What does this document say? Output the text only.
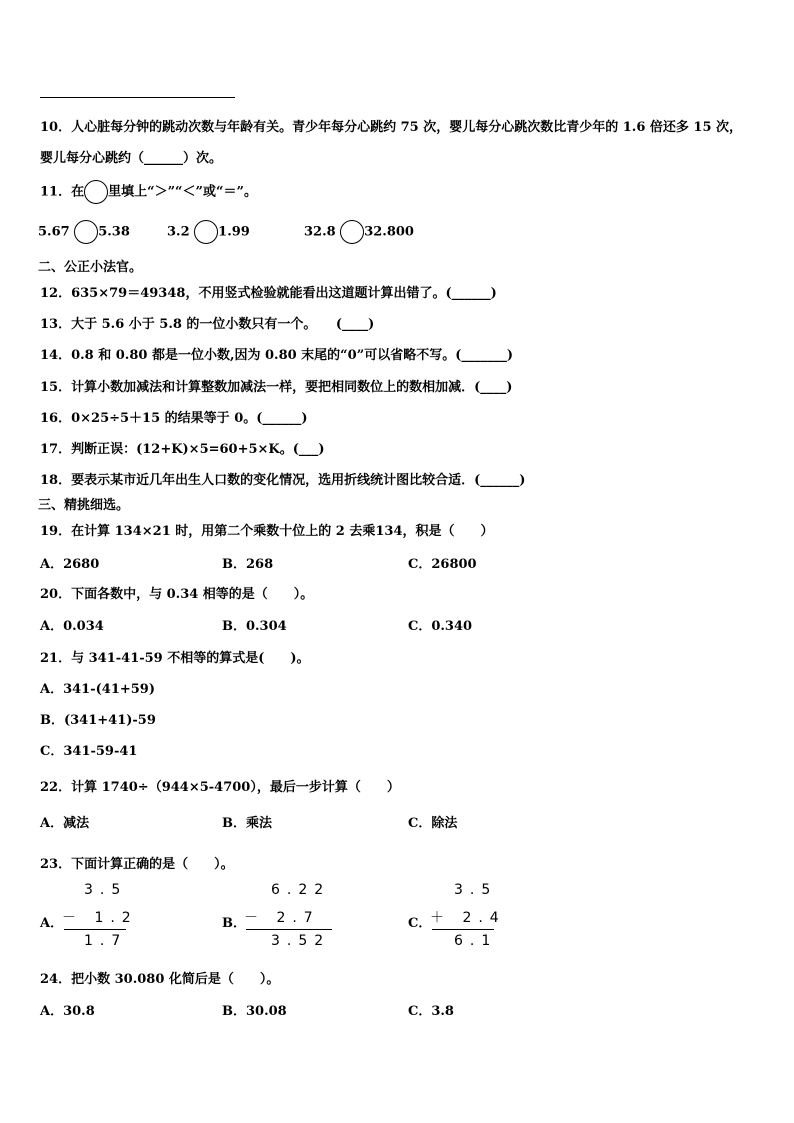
10．人心脏每分钟的跳动次数与年龄有关。青少年每分心跳约 75 次，婴儿每分心跳次数比青少年的 1.6 倍还多 15 次，
婴儿每分心跳约（______）次。
11．在 里填上“＞”“＜”或“＝”。
5.67 5.38	3.2 1.99	32.8 32.800
二、公正小法官。
12．635×79＝49348，不用竖式检验就能看出这道题计算出错了。(______)
13．大于 5.6 小于 5.8 的一位小数只有一个。　　(____)
14．0.8 和 0.80 都是一位小数,因为 0.80 末尾的“0”可以省略不写。(_______)
15．计算小数加减法和计算整数加减法一样，要把相同数位上的数相加减．(____)
16．0×25÷5＋15 的结果等于 0。(______)
17．判断正误：(12+K)×5=60+5×K。(___)
18．要表示某市近几年出生人口数的变化情况，选用折线统计图比较合适．(______)
三、精挑细选。
19．在计算 134×21 时，用第二个乘数十位上的 2 去乘134，积是（　　）
A．2680	B．268	C．26800
20．下面各数中，与 0.34 相等的是（　　）。
A．0.034	B．0.304	C．0.340
21．与 341-41-59 不相等的算式是(　　)。
A．341-(41+59)
B．(341+41)-59
C．341-59-41
22．计算 1740÷（944×5-4700），最后一步计算（　　）
A．减法	B．乘法	C．除法
23．下面计算正确的是（　　）。
A．
3.5
－ 1.2
1.7
B．
6.22
－ 2.7
3.52
C．
3.5
＋ 2.4
6.1
24．把小数 30.080 化简后是（　　）。
A．30.8	B．30.08	C．3.8
